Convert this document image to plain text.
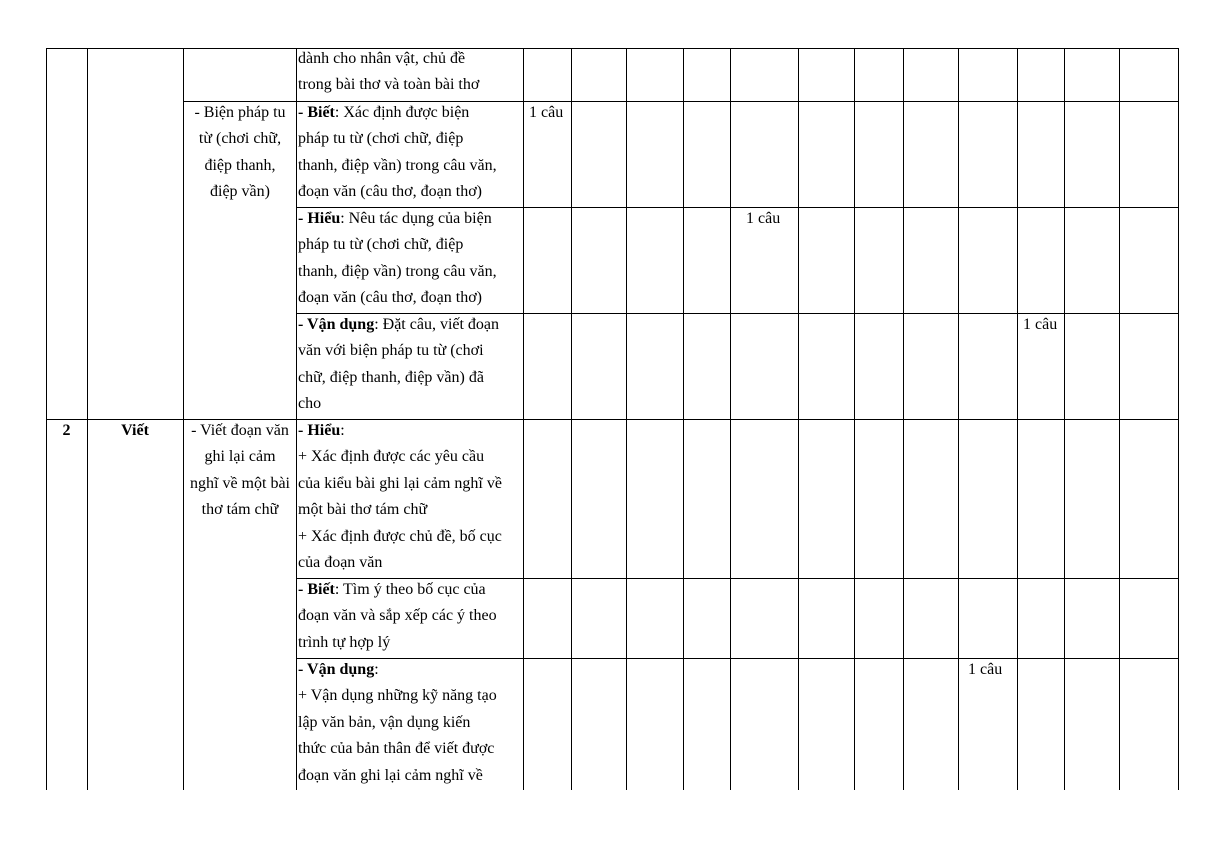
dành cho nhân vật, chủ đề
trong bài thơ và toàn bài thơ
- Biện pháp tu
từ (chơi chữ,
điệp thanh,
điệp vần)
- Biết: Xác định được biện
pháp tu từ (chơi chữ, điệp
thanh, điệp vần) trong câu văn,
đoạn văn (câu thơ, đoạn thơ)
1 câu
- Hiểu: Nêu tác dụng của biện
pháp tu từ (chơi chữ, điệp
thanh, điệp vần) trong câu văn,
đoạn văn (câu thơ, đoạn thơ)
1 câu
- Vận dụng: Đặt câu, viết đoạn
văn với biện pháp tu từ (chơi
chữ, điệp thanh, điệp vần) đã
cho
1 câu
2	Viết	- Viết đoạn văn
ghi lại cảm
nghĩ về một bài
thơ tám chữ
- Hiểu:
+ Xác định được các yêu cầu
của kiểu bài ghi lại cảm nghĩ về
một bài thơ tám chữ
+ Xác định được chủ đề, bố cục
của đoạn văn
- Biết: Tìm ý theo bố cục của
đoạn văn và sắp xếp các ý theo
trình tự hợp lý
- Vận dụng:
+ Vận dụng những kỹ năng tạo
lập văn bản, vận dụng kiến
thức của bản thân để viết được
đoạn văn ghi lại cảm nghĩ về
1 câu
